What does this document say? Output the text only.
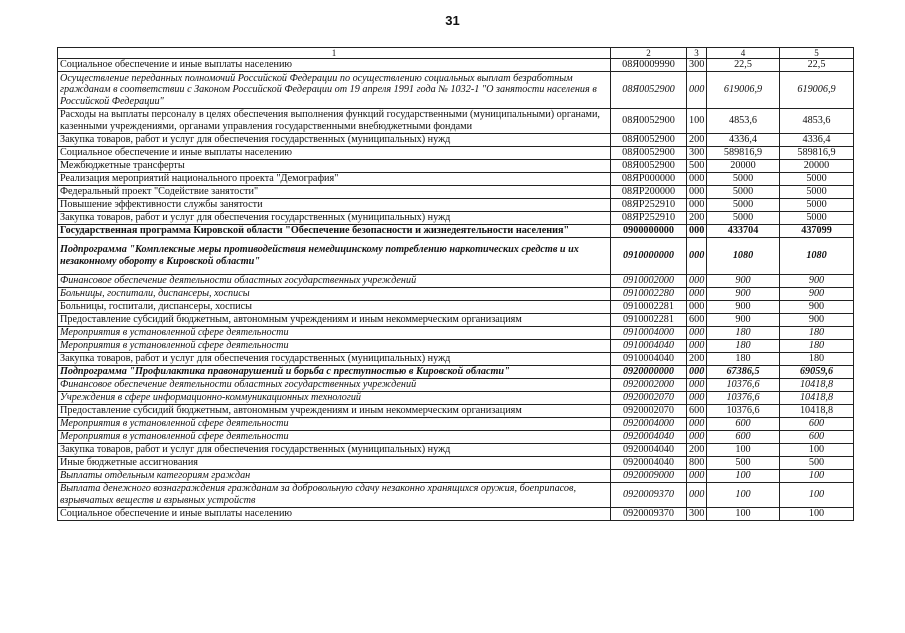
31
1	2	3	4	5
Социальное обеспечение и иные выплаты населению	08Я0009990	300	22,5	22,5
Осуществление переданных полномочий Российской Федерации по осуществлению социальных выплат безработным гражданам в соответствии с Законом Российской Федерации от 19 апреля 1991 года № 1032-1 "О занятости населения в Российской Федерации"	08Я0052900	000	619006,9	619006,9
Расходы на выплаты персоналу в целях обеспечения выполнения функций государственными (муниципальными) органами, казенными учреждениями, органами управления государственными внебюджетными фондами	08Я0052900	100	4853,6	4853,6
Закупка товаров, работ и услуг для обеспечения государственных (муниципальных) нужд	08Я0052900	200	4336,4	4336,4
Социальное обеспечение и иные выплаты населению	08Я0052900	300	589816,9	589816,9
Межбюджетные трансферты	08Я0052900	500	20000	20000
Реализация мероприятий национального проекта "Демография"	08ЯP000000	000	5000	5000
Федеральный проект "Содействие занятости"	08ЯP200000	000	5000	5000
Повышение эффективности службы занятости	08ЯP252910	000	5000	5000
Закупка товаров, работ и услуг для обеспечения государственных (муниципальных) нужд	08ЯP252910	200	5000	5000
Государственная программа Кировской области "Обеспечение безопасности и жизнедеятельности населения"	0900000000	000	433704	437099
Подпрограмма "Комплексные меры противодействия немедицинскому потреблению наркотических средств и их незаконному обороту в Кировской области"	0910000000	000	1080	1080
Финансовое обеспечение деятельности областных государственных учреждений	0910002000	000	900	900
Больницы, госпитали, диспансеры, хосписы	0910002280	000	900	900
Больницы, госпитали, диспансеры, хосписы	0910002281	000	900	900
Предоставление субсидий бюджетным, автономным учреждениям и иным некоммерческим организациям	0910002281	600	900	900
Мероприятия в установленной сфере деятельности	0910004000	000	180	180
Мероприятия в установленной сфере деятельности	0910004040	000	180	180
Закупка товаров, работ и услуг для обеспечения государственных (муниципальных) нужд	0910004040	200	180	180
Подпрограмма "Профилактика правонарушений и борьба с преступностью в Кировской области"	0920000000	000	67386,5	69059,6
Финансовое обеспечение деятельности областных государственных учреждений	0920002000	000	10376,6	10418,8
Учреждения в сфере информационно-коммуникационных технологий	0920002070	000	10376,6	10418,8
Предоставление субсидий бюджетным, автономным учреждениям и иным некоммерческим организациям	0920002070	600	10376,6	10418,8
Мероприятия в установленной сфере деятельности	0920004000	000	600	600
Мероприятия в установленной сфере деятельности	0920004040	000	600	600
Закупка товаров, работ и услуг для обеспечения государственных (муниципальных) нужд	0920004040	200	100	100
Иные бюджетные ассигнования	0920004040	800	500	500
Выплаты отдельным категориям граждан	0920009000	000	100	100
Выплата денежного вознаграждения гражданам за добровольную сдачу незаконно хранящихся оружия, боеприпасов, взрывчатых веществ и взрывных устройств	0920009370	000	100	100
Социальное обеспечение и иные выплаты населению	0920009370	300	100	100
